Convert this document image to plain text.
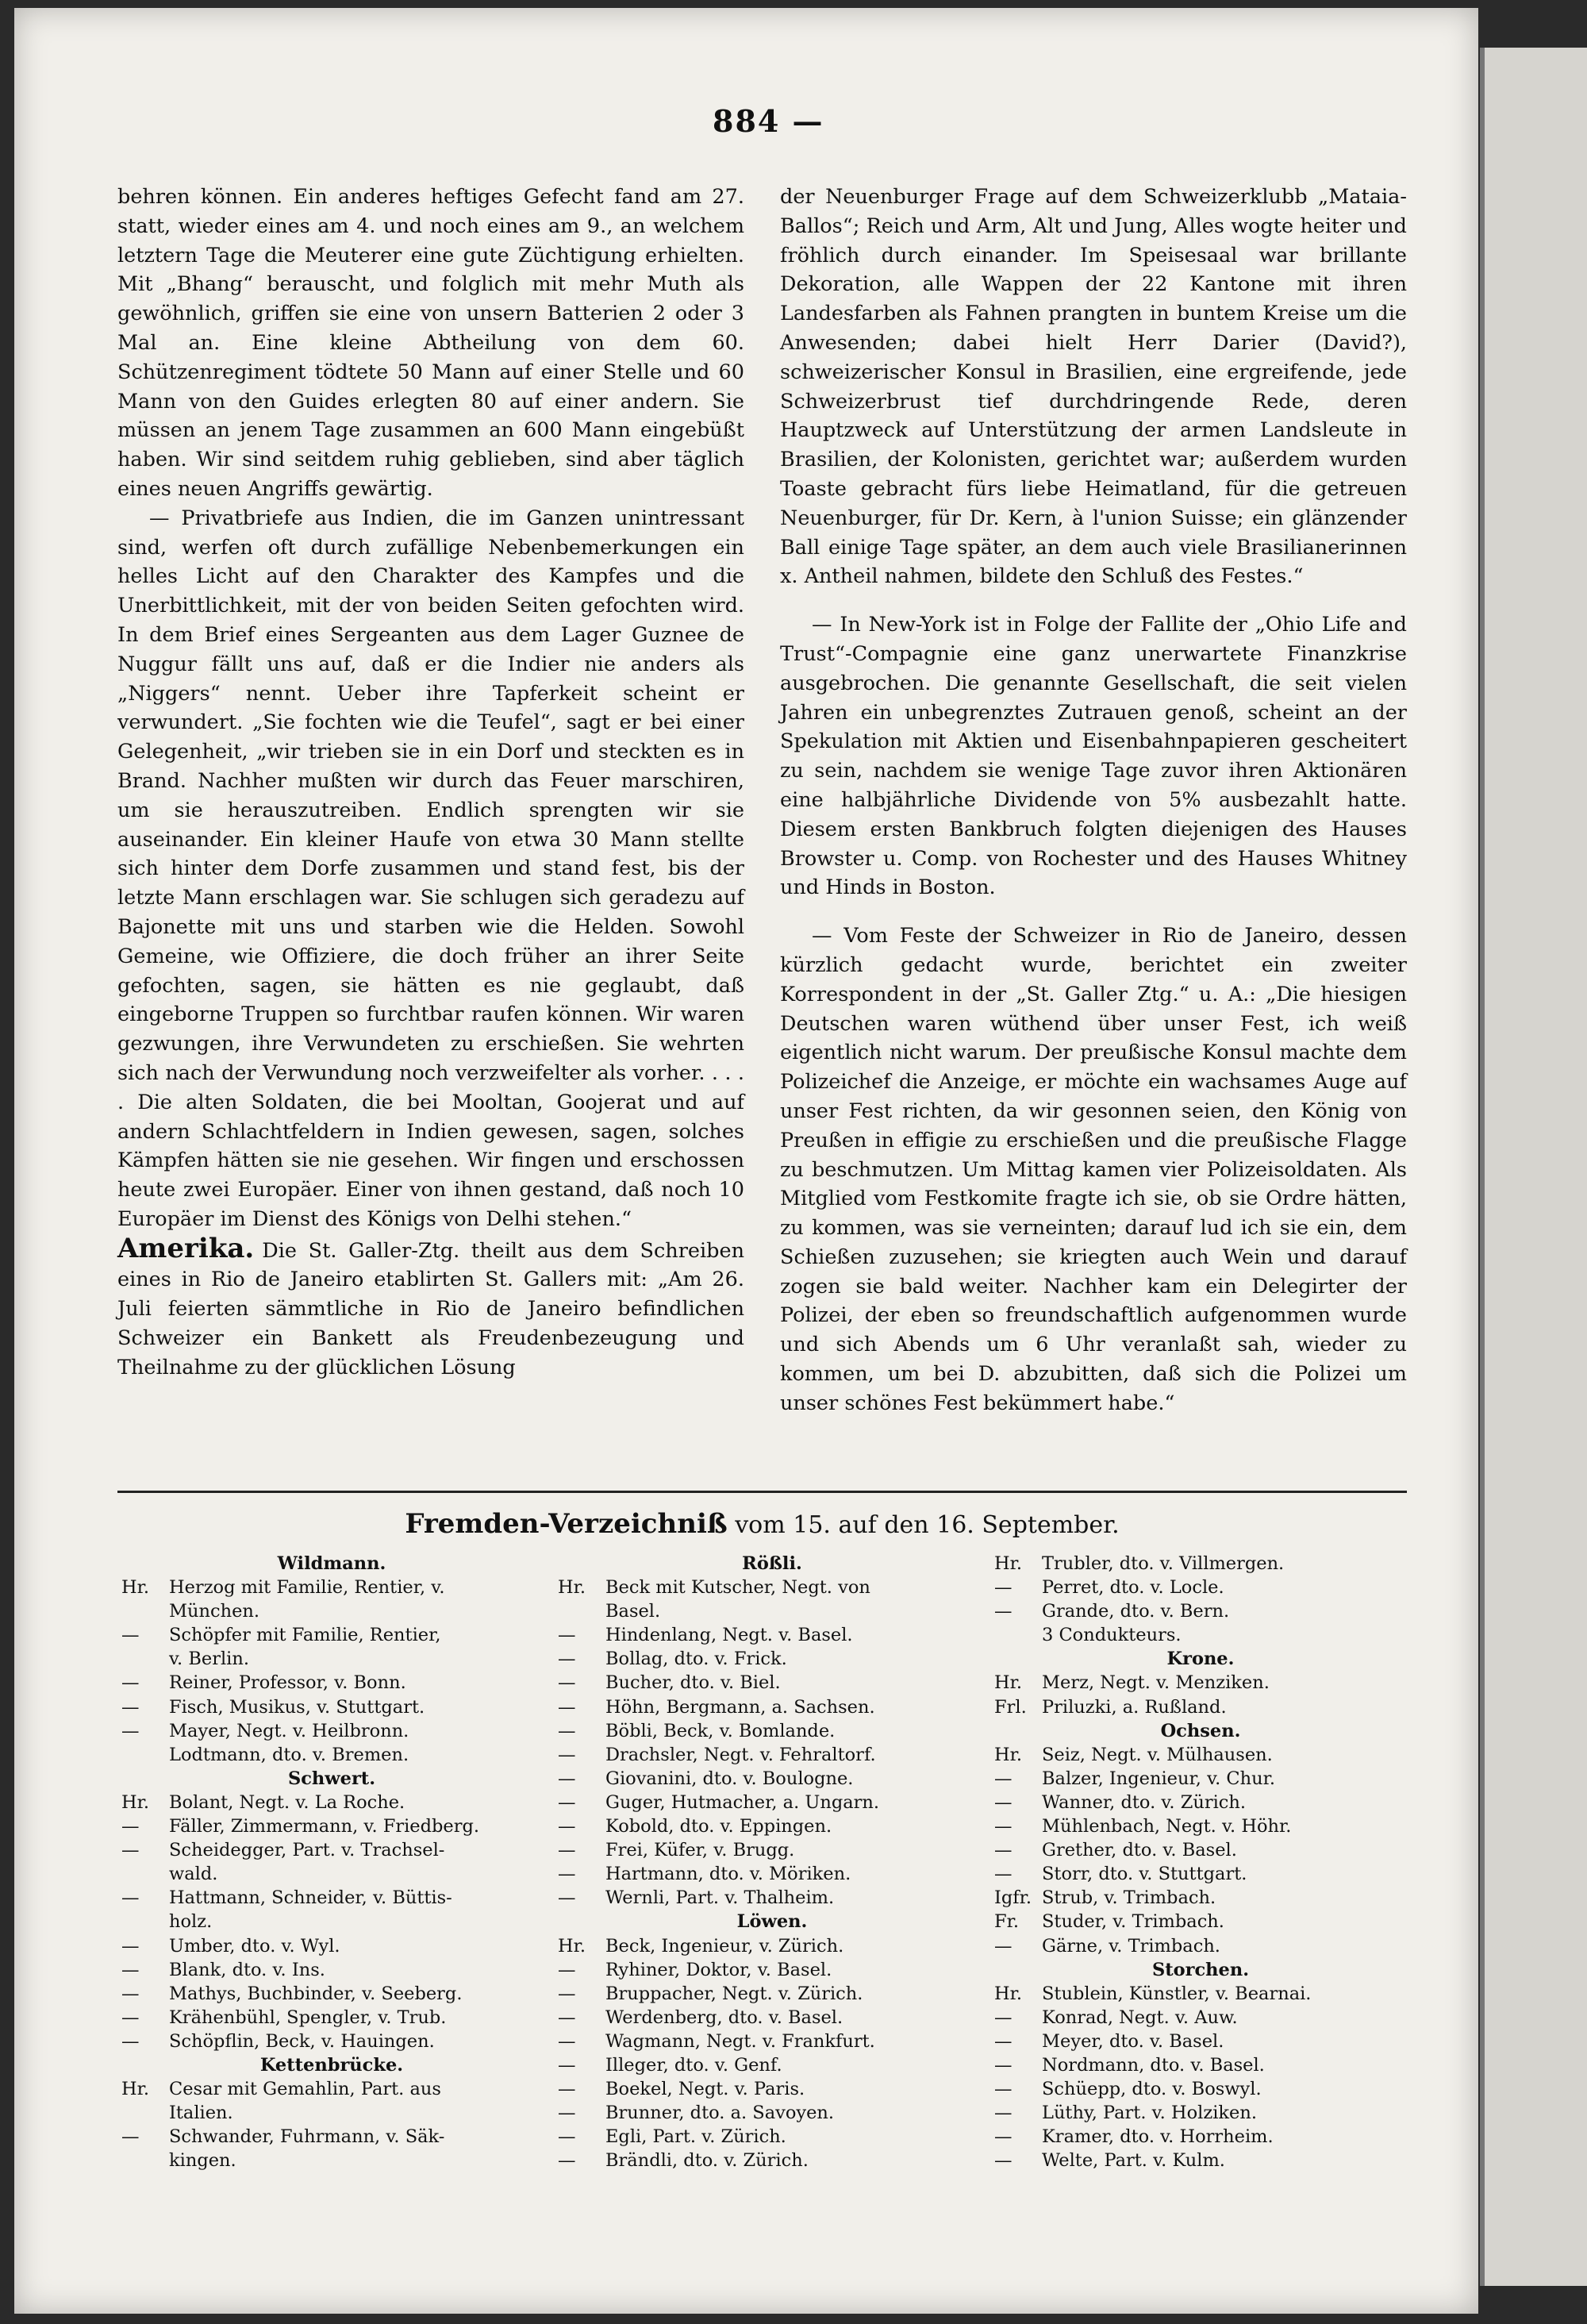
884 —

behren können. Ein anderes heftiges Gefecht fand am 27. statt, wieder eines am 4. und noch eines am 9., an welchem letztern Tage die Meuterer eine gute Züchtigung erhielten. Mit „Bhang“ berauscht, und folglich mit mehr Muth als gewöhnlich, griffen sie eine von unsern Batterien 2 oder 3 Mal an. Eine kleine Abtheilung von dem 60. Schützenregiment tödtete 50 Mann auf einer Stelle und 60 Mann von den Guides erlegten 80 auf einer andern. Sie müssen an jenem Tage zusammen an 600 Mann eingebüßt haben. Wir sind seitdem ruhig geblieben, sind aber täglich eines neuen Angriffs gewärtig.

— Privatbriefe aus Indien, die im Ganzen unintressant sind, werfen oft durch zufällige Nebenbemerkungen ein helles Licht auf den Charakter des Kampfes und die Unerbittlichkeit, mit der von beiden Seiten gefochten wird. In dem Brief eines Sergeanten aus dem Lager Guznee de Nuggur fällt uns auf, daß er die Indier nie anders als „Niggers“ nennt. Ueber ihre Tapferkeit scheint er verwundert. „Sie fochten wie die Teufel“, sagt er bei einer Gelegenheit, „wir trieben sie in ein Dorf und steckten es in Brand. Nachher mußten wir durch das Feuer marschiren, um sie herauszutreiben. Endlich sprengten wir sie auseinander. Ein kleiner Haufe von etwa 30 Mann stellte sich hinter dem Dorfe zusammen und stand fest, bis der letzte Mann erschlagen war. Sie schlugen sich geradezu auf Bajonette mit uns und starben wie die Helden. Sowohl Gemeine, wie Offiziere, die doch früher an ihrer Seite gefochten, sagen, sie hätten es nie geglaubt, daß eingeborne Truppen so furchtbar raufen können. Wir waren gezwungen, ihre Verwundeten zu erschießen. Sie wehrten sich nach der Verwundung noch verzweifelter als vorher. . . . . Die alten Soldaten, die bei Mooltan, Goojerat und auf andern Schlachtfeldern in Indien gewesen, sagen, solches Kämpfen hätten sie nie gesehen. Wir fingen und erschossen heute zwei Europäer. Einer von ihnen gestand, daß noch 10 Europäer im Dienst des Königs von Delhi stehen.“

Amerika. Die St. Galler-Ztg. theilt aus dem Schreiben eines in Rio de Janeiro etablirten St. Gallers mit: „Am 26. Juli feierten sämmtliche in Rio de Janeiro befindlichen Schweizer ein Bankett als Freudenbezeugung und Theilnahme zu der glücklichen Lösung

der Neuenburger Frage auf dem Schweizerklubb „Mataia-Ballos“; Reich und Arm, Alt und Jung, Alles wogte heiter und fröhlich durch einander. Im Speisesaal war brillante Dekoration, alle Wappen der 22 Kantone mit ihren Landesfarben als Fahnen prangten in buntem Kreise um die Anwesenden; dabei hielt Herr Darier (David?), schweizerischer Konsul in Brasilien, eine ergreifende, jede Schweizerbrust tief durchdringende Rede, deren Hauptzweck auf Unterstützung der armen Landsleute in Brasilien, der Kolonisten, gerichtet war; außerdem wurden Toaste gebracht fürs liebe Heimatland, für die getreuen Neuenburger, für Dr. Kern, à l'union Suisse; ein glänzender Ball einige Tage später, an dem auch viele Brasilianerinnen x. Antheil nahmen, bildete den Schluß des Festes.“

— In New-York ist in Folge der Fallite der „Ohio Life and Trust“-Compagnie eine ganz unerwartete Finanzkrise ausgebrochen. Die genannte Gesellschaft, die seit vielen Jahren ein unbegrenztes Zutrauen genoß, scheint an der Spekulation mit Aktien und Eisenbahnpapieren gescheitert zu sein, nachdem sie wenige Tage zuvor ihren Aktionären eine halbjährliche Dividende von 5% ausbezahlt hatte. Diesem ersten Bankbruch folgten diejenigen des Hauses Browster u. Comp. von Rochester und des Hauses Whitney und Hinds in Boston.

— Vom Feste der Schweizer in Rio de Janeiro, dessen kürzlich gedacht wurde, berichtet ein zweiter Korrespondent in der „St. Galler Ztg.“ u. A.: „Die hiesigen Deutschen waren wüthend über unser Fest, ich weiß eigentlich nicht warum. Der preußische Konsul machte dem Polizeichef die Anzeige, er möchte ein wachsames Auge auf unser Fest richten, da wir gesonnen seien, den König von Preußen in effigie zu erschießen und die preußische Flagge zu beschmutzen. Um Mittag kamen vier Polizeisoldaten. Als Mitglied vom Festkomite fragte ich sie, ob sie Ordre hätten, zu kommen, was sie verneinten; darauf lud ich sie ein, dem Schießen zuzusehen; sie kriegten auch Wein und darauf zogen sie bald weiter. Nachher kam ein Delegirter der Polizei, der eben so freundschaftlich aufgenommen wurde und sich Abends um 6 Uhr veranlaßt sah, wieder zu kommen, um bei D. abzubitten, daß sich die Polizei um unser schönes Fest bekümmert habe.“

Fremden-Verzeichniß vom 15. auf den 16. September.
Wildmann.
Hr.	Herzog mit Familie, Rentier, v.
München.
—	Schöpfer mit Familie, Rentier,
v. Berlin.
—	Reiner, Professor, v. Bonn.
—	Fisch, Musikus, v. Stuttgart.
—	Mayer, Negt. v. Heilbronn.
Lodtmann, dto. v. Bremen.
Schwert.
Hr.	Bolant, Negt. v. La Roche.
—	Fäller, Zimmermann, v. Friedberg.
—	Scheidegger, Part. v. Trachsel-
wald.
—	Hattmann, Schneider, v. Büttis-
holz.
—	Umber, dto. v. Wyl.
—	Blank, dto. v. Ins.
—	Mathys, Buchbinder, v. Seeberg.
—	Krähenbühl, Spengler, v. Trub.
—	Schöpflin, Beck, v. Hauingen.
Kettenbrücke.
Hr.	Cesar mit Gemahlin, Part. aus
Italien.
—	Schwander, Fuhrmann, v. Säk-
kingen.
Rößli.
Hr.	Beck mit Kutscher, Negt. von
Basel.
—	Hindenlang, Negt. v. Basel.
—	Bollag, dto. v. Frick.
—	Bucher, dto. v. Biel.
—	Höhn, Bergmann, a. Sachsen.
—	Böbli, Beck, v. Bomlande.
—	Drachsler, Negt. v. Fehraltorf.
—	Giovanini, dto. v. Boulogne.
—	Guger, Hutmacher, a. Ungarn.
—	Kobold, dto. v. Eppingen.
—	Frei, Küfer, v. Brugg.
—	Hartmann, dto. v. Möriken.
—	Wernli, Part. v. Thalheim.
Löwen.
Hr.	Beck, Ingenieur, v. Zürich.
—	Ryhiner, Doktor, v. Basel.
—	Bruppacher, Negt. v. Zürich.
—	Werdenberg, dto. v. Basel.
—	Wagmann, Negt. v. Frankfurt.
—	Illeger, dto. v. Genf.
—	Boekel, Negt. v. Paris.
—	Brunner, dto. a. Savoyen.
—	Egli, Part. v. Zürich.
—	Brändli, dto. v. Zürich.
Hr.	Trubler, dto. v. Villmergen.
—	Perret, dto. v. Locle.
—	Grande, dto. v. Bern.
3 Condukteurs.
Krone.
Hr.	Merz, Negt. v. Menziken.
Frl. Priluzki, a. Rußland.
Ochsen.
Hr.	Seiz, Negt. v. Mülhausen.
—	Balzer, Ingenieur, v. Chur.
—	Wanner, dto. v. Zürich.
—	Mühlenbach, Negt. v. Höhr.
—	Grether, dto. v. Basel.
—	Storr, dto. v. Stuttgart.
Igfr. Strub, v. Trimbach.
Fr.	Studer, v. Trimbach.
—	Gärne, v. Trimbach.
Storchen.
Hr.	Stublein, Künstler, v. Bearnai.
—	Konrad, Negt. v. Auw.
—	Meyer, dto. v. Basel.
—	Nordmann, dto. v. Basel.
—	Schüepp, dto. v. Boswyl.
—	Lüthy, Part. v. Holziken.
—	Kramer, dto. v. Horrheim.
—	Welte, Part. v. Kulm.
